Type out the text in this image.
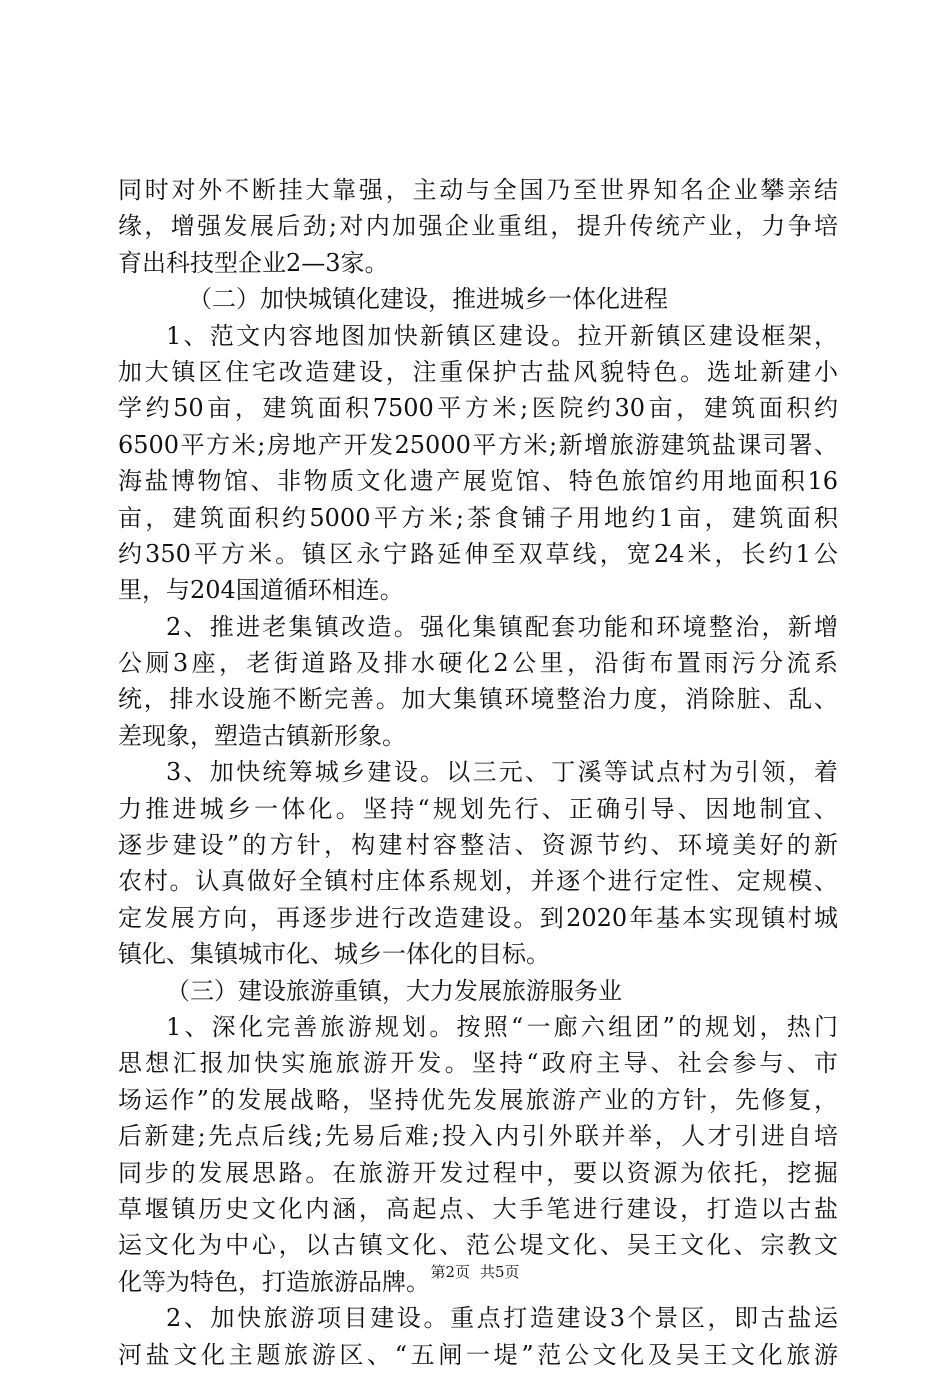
同时对外不断挂大靠强，主动与全国乃至世界知名企业攀亲结
缘，增强发展后劲;对内加强企业重组，提升传统产业，力争培
育出科技型企业2—3家。
（二）加快城镇化建设，推进城乡一体化进程
1、范文内容地图加快新镇区建设。拉开新镇区建设框架，
加大镇区住宅改造建设，注重保护古盐风貌特色。选址新建小
学约50亩，建筑面积7500平方米;医院约30亩，建筑面积约
6500平方米;房地产开发25000平方米;新增旅游建筑盐课司署、
海盐博物馆、非物质文化遗产展览馆、特色旅馆约用地面积16
亩，建筑面积约5000平方米;茶食铺子用地约1亩，建筑面积
约350平方米。镇区永宁路延伸至双草线，宽24米，长约1公
里，与204国道循环相连。
2、推进老集镇改造。强化集镇配套功能和环境整治，新增
公厕3座，老街道路及排水硬化2公里，沿街布置雨污分流系
统，排水设施不断完善。加大集镇环境整治力度，消除脏、乱、
差现象，塑造古镇新形象。
3、加快统筹城乡建设。以三元、丁溪等试点村为引领，着
力推进城乡一体化。坚持“规划先行、正确引导、因地制宜、
逐步建设”的方针，构建村容整洁、资源节约、环境美好的新
农村。认真做好全镇村庄体系规划，并逐个进行定性、定规模、
定发展方向，再逐步进行改造建设。到2020年基本实现镇村城
镇化、集镇城市化、城乡一体化的目标。
（三）建设旅游重镇，大力发展旅游服务业
1、深化完善旅游规划。按照“一廊六组团”的规划，热门
思想汇报加快实施旅游开发。坚持“政府主导、社会参与、市
场运作”的发展战略，坚持优先发展旅游产业的方针，先修复，
后新建;先点后线;先易后难;投入内引外联并举，人才引进自培
同步的发展思路。在旅游开发过程中，要以资源为依托，挖掘
草堰镇历史文化内涵，高起点、大手笔进行建设，打造以古盐
运文化为中心，以古镇文化、范公堤文化、吴王文化、宗教文
化等为特色，打造旅游品牌。
2、加快旅游项目建设。重点打造建设3个景区，即古盐运
河盐文化主题旅游区、“五闸一堤”范公文化及吴王文化旅游
第2页 共5页
